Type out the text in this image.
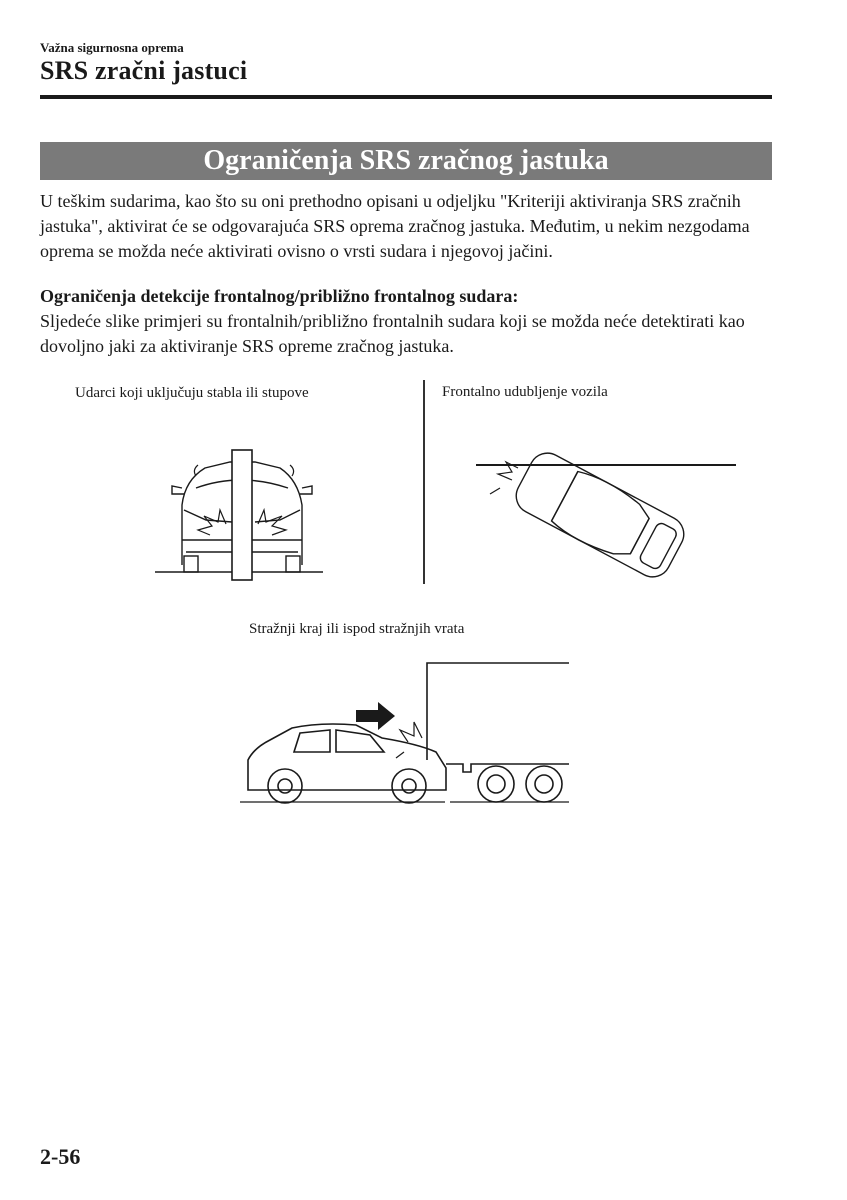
Važna sigurnosna oprema
SRS zračni jastuci
Ograničenja SRS zračnog jastuka
U teškim sudarima, kao što su oni prethodno opisani u odjeljku "Kriteriji aktiviranja SRS zračnih jastuka", aktivirat će se odgovarajuća SRS oprema zračnog jastuka. Međutim, u nekim nezgodama oprema se možda neće aktivirati ovisno o vrsti sudara i njegovoj jačini.
Ograničenja detekcije frontalnog/približno frontalnog sudara:
Sljedeće slike primjeri su frontalnih/približno frontalnih sudara koji se možda neće detektirati kao dovoljno jaki za aktiviranje SRS opreme zračnog jastuka.
Udarci koji uključuju stabla ili stupove	Frontalno udubljenje vozila
Stražnji kraj ili ispod stražnjih vrata
2-56
